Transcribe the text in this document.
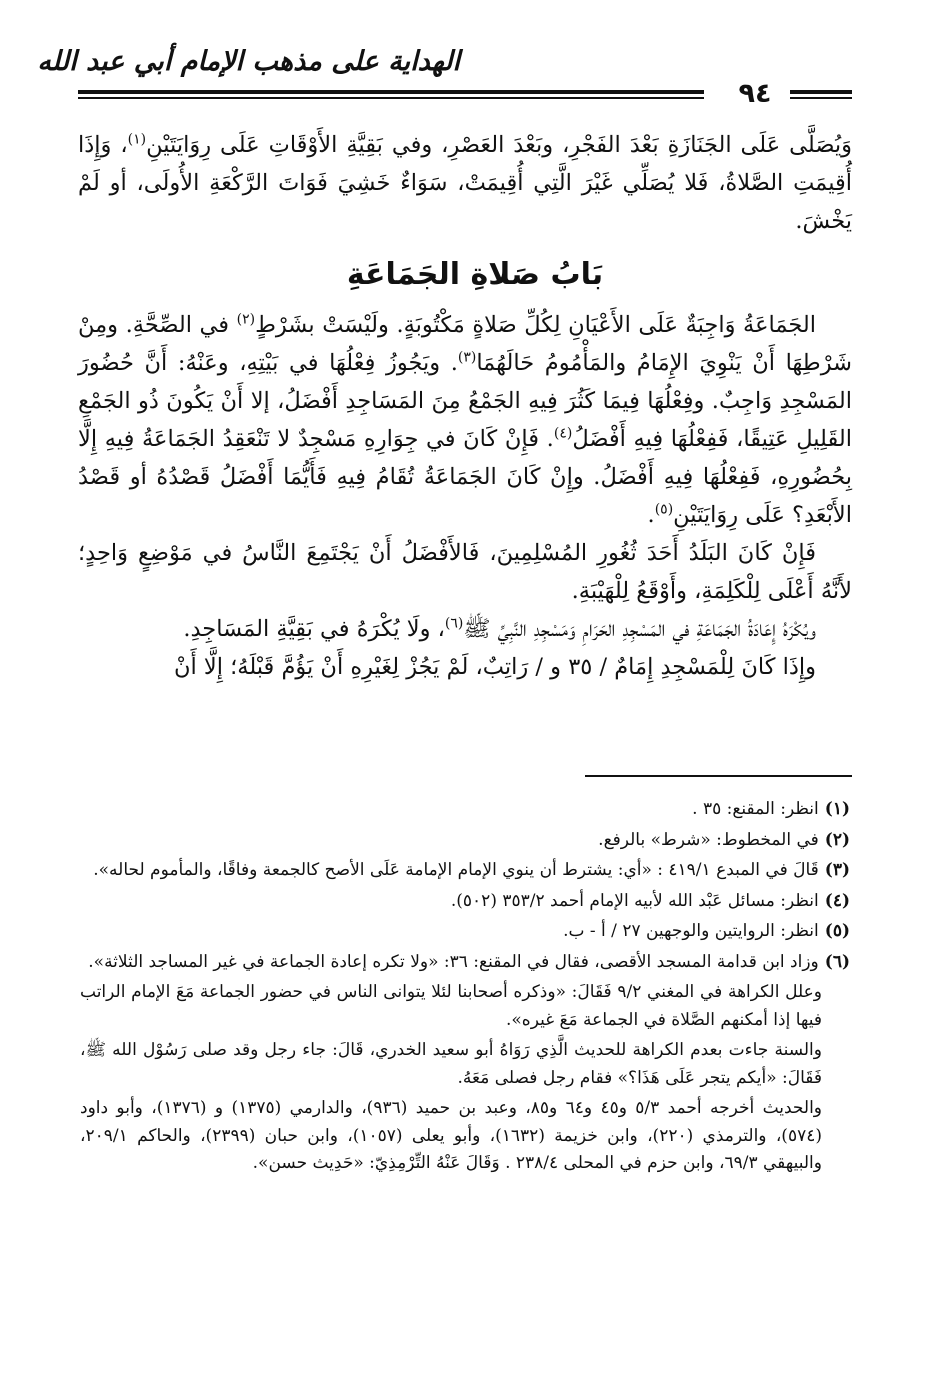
الهداية على مذهب الإمام أبي عبد الله
٩٤

وَيُصَلَّى عَلَى الجَنَازَةِ بَعْدَ الفَجْرِ، وبَعْدَ العَصْرِ، وفي بَقِيَّةِ الأَوْقَاتِ عَلَى رِوَايَتَيْنِ$^{(١)}$، وَإِذَا أُقِيمَتِ الصَّلاةُ، فَلا يُصَلِّي غَيْرَ الَّتِي أُقِيمَتْ، سَوَاءٌ خَشِيَ فَوَاتَ الرَّكْعَةِ الأُولَى، أو لَمْ يَخْشَ.

بَابُ صَلاةِ الجَمَاعَةِ

الجَمَاعَةُ وَاجِبَةٌ عَلَى الأَعْيَانِ لِكُلِّ صَلاةٍ مَكْتُوبَةٍ. ولَيْسَتْ بشَرْطٍ$^{(٢)}$ في الصِّحَّةِ. ومِنْ شَرْطِهَا أَنْ يَنْوِيَ الإِمَامُ والمَأْمُومُ حَالَهُمَا$^{(٣)}$. ويَجُوزُ فِعْلُهَا في بَيْتِهِ، وعَنْهُ: أَنَّ حُضُورَ المَسْجِدِ وَاجِبٌ. وفِعْلُهَا فِيمَا كَثُرَ فِيهِ الجَمْعُ مِنَ المَسَاجِدِ أَفْضَلُ، إلا أَنْ يَكُونَ ذُو الجَمْعِ القَلِيلِ عَتِيقًا، فَفِعْلُهَا فِيهِ أَفْضَلُ$^{(٤)}$. فَإِنْ كَانَ في جِوَارِهِ مَسْجِدٌ لا تَنْعَقِدُ الجَمَاعَةُ فِيهِ إِلَّا بِحُضُورِهِ، فَفِعْلُهَا فِيهِ أَفْضَلُ. وإِنْ كَانَ الجَمَاعَةُ تُقَامُ فِيهِ فَأَيُّمَا أَفْضَلُ قَصْدُهُ أو قَصْدُ الأَبْعَدِ؟ عَلَى رِوَايَتَيْنِ$^{(٥)}$.

فَإِنْ كَانَ البَلَدُ أَحَدَ ثُغُورِ المُسْلِمِينَ، فَالأَفْضَلُ أَنْ يَجْتَمِعَ النَّاسُ في مَوْضِعٍ وَاحِدٍ؛ لأَنَّهُ أَعْلَى لِلْكَلِمَةِ، وأَوْقَعُ لِلْهَيْبَةِ.

ويُكْرَهُ إِعَادَةُ الجَمَاعَةِ في المَسْجِدِ الحَرَامِ وَمَسْجِدِ النَّبِيِّ ﷺ$^{(٦)}$، ولَا يُكْرَهُ في بَقِيَّةِ المَسَاجِدِ.

وإِذَا كَانَ لِلْمَسْجِدِ إِمَامٌ / ٣٥ و / رَاتِبٌ، لَمْ يَجُزْ لِغَيْرِهِ أَنْ يَؤُمَّ قَبْلَهُ؛ إِلَّا أَنْ

(١)
انظر: المقنع: ٣٥ .
(٢)
في المخطوط: «شرط» بالرفع.
(٣)
قَالَ في المبدع ٤١٩/١ : «أي: يشترط أن ينوي الإمام الإمامة عَلَى الأصح كالجمعة وفاقًا، والمأموم لحاله».
(٤)
انظر: مسائل عَبْد الله لأبيه الإمام أحمد ٣٥٣/٢ (٥٠٢).
(٥)
انظر: الروايتين والوجهين ٢٧ / أ - ب.
(٦)
وزاد ابن قدامة المسجد الأقصى، فقال في المقنع: ٣٦: «ولا تكره إعادة الجماعة في غير المساجد الثلاثة».

وعلل الكراهة في المغني ٩/٢ فَقَالَ: «وذكره أصحابنا لئلا يتوانى الناس في حضور الجماعة مَعَ الإمام الراتب فيها إذا أمكنهم الصَّلاة في الجماعة مَعَ غيره».

والسنة جاءت بعدم الكراهة للحديث الَّذِي رَوَاهُ أبو سعيد الخدري، قَالَ: جاء رجل وقد صلى رَسُوْل الله ﷺ، فَقَالَ: «أيكم يتجر عَلَى هَذَا؟» فقام رجل فصلى مَعَهُ.

والحديث أخرجه أحمد ٥/٣ و٤٥ و٦٤ و٨٥، وعبد بن حميد (٩٣٦)، والدارمي (١٣٧٥) و (١٣٧٦)، وأبو داود (٥٧٤)، والترمذي (٢٢٠)، وابن خزيمة (١٦٣٢)، وأبو يعلى (١٠٥٧)، وابن حبان (٢٣٩٩)، والحاكم ٢٠٩/١، والبيهقي ٦٩/٣، وابن حزم في المحلى ٢٣٨/٤ . وَقَالَ عَنْهُ التِّرْمِذِيّ: «حَدِيث حسن».
